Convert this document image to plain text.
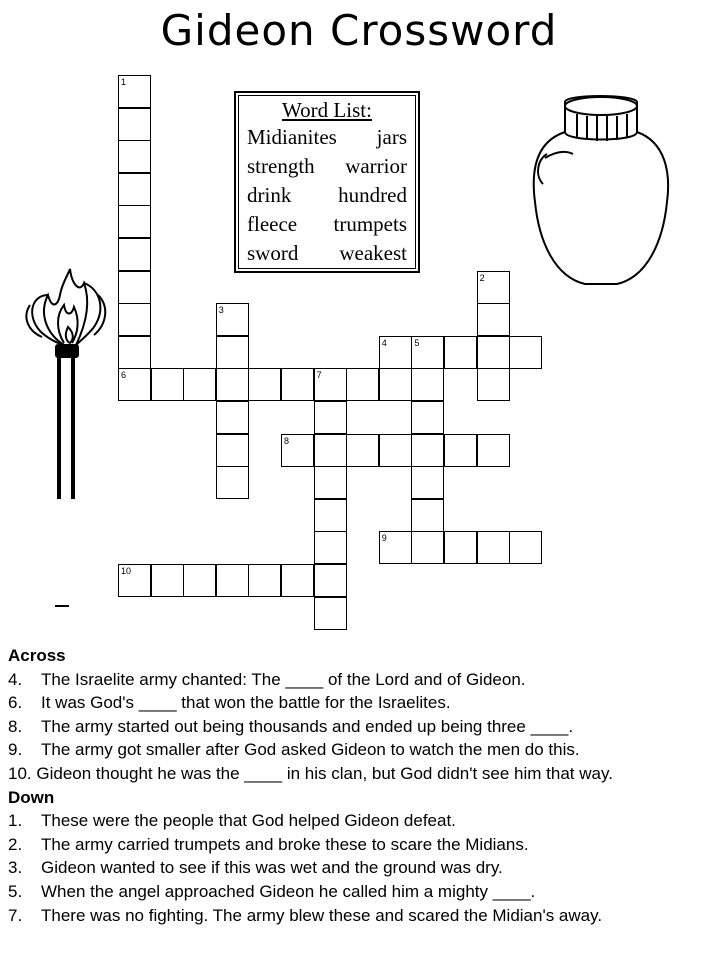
Gideon Crossword
1
6
2
3
4	5
7
8
9
10
Word List:
Midianites jars
strength warrior
drink hundred
fleece trumpets
sword weakest
Across
4.	The Israelite army chanted: The ____ of the Lord and of Gideon.
6.	It was God's ____ that won the battle for the Israelites.
8.	The army started out being thousands and ended up being three ____.
9.	The army got smaller after God asked Gideon to watch the men do this.
10. Gideon thought he was the ____ in his clan, but God didn't see him that way.
Down
1.	These were the people that God helped Gideon defeat.
2.	The army carried trumpets and broke these to scare the Midians.
3.	Gideon wanted to see if this was wet and the ground was dry.
5.	When the angel approached Gideon he called him a mighty ____.
7.	There was no fighting. The army blew these and scared the Midian's away.
